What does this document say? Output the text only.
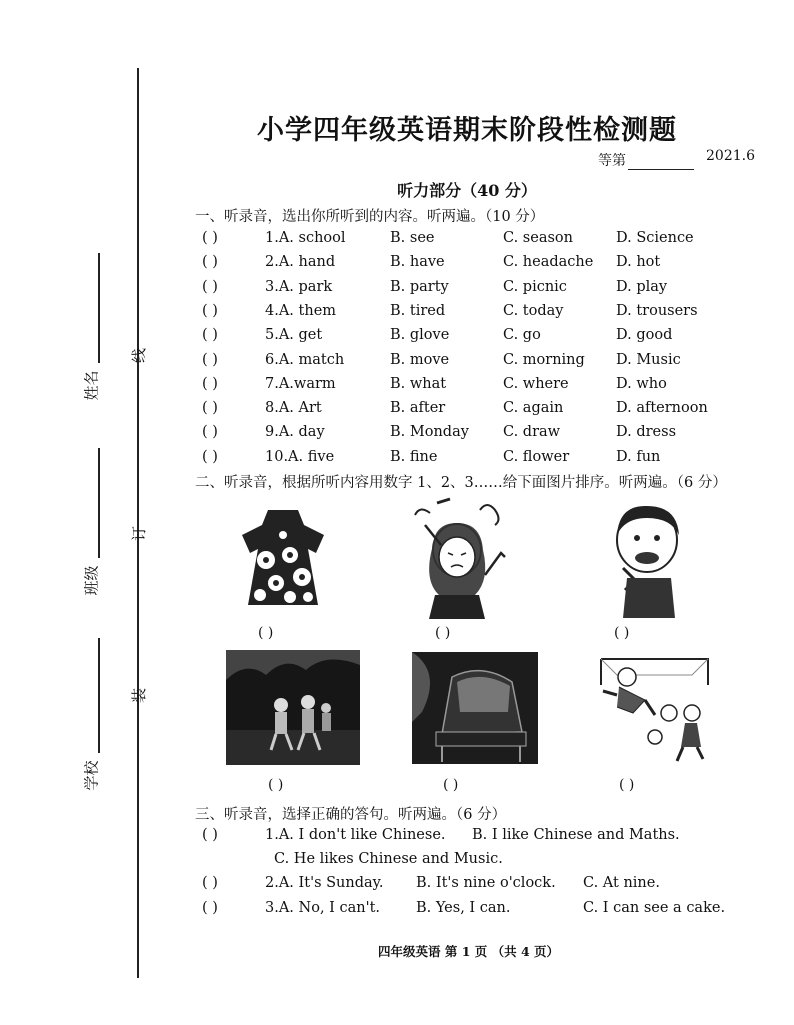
姓名
线
班级
订
学校
装
小学四年级英语期末阶段性检测题
等第	2021.6
听力部分（40 分）
一、听录音，选出你所听到的内容。听两遍。（10 分）
( )	1.A. school	B. see	C. season	D. Science
( )	2.A. hand	B. have	C. headache D. hot
( )	3.A. park	B. party	C. picnic	D. play
( )	4.A. them	B. tired	C. today	D. trousers
( )	5.A. get	B. glove	C. go	D. good
( )	6.A. match	B. move	C. morning D. Music
( )	7.A.warm	B. what	C. where	D. who
( )	8.A. Art	B. after	C. again	D. afternoon
( )	9.A. day	B. Monday C. draw	D. dress
( )	10.A. five	B. fine	C. flower	D. fun
二、听录音，根据所听内容用数字 1、2、3……给下面图片排序。听两遍。（6 分）
( )	( )	( )
( )	( )	( )
三、听录音，选择正确的答句。听两遍。（6 分）
( )	1.A. I don't like Chinese. B. I like Chinese and Maths.
C. He likes Chinese and Music.
( )	2.A. It's Sunday. B. It's nine o'clock. C. At nine.
( )	3.A. No, I can't. B. Yes, I can.	C. I can see a cake.
四年级英语 第 1 页 （共 4 页）
